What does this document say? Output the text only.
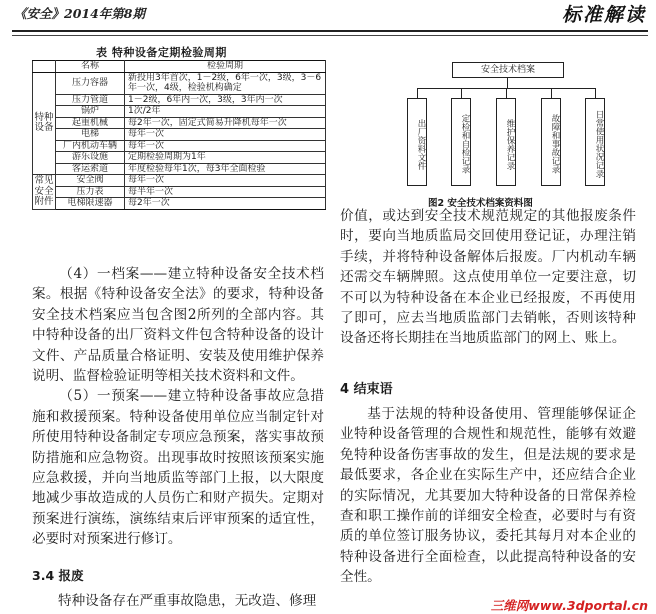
《安全》2014年第8期	标准解读
表 特种设备定期检验周期
	名称	检验周期
特种设备	压力容器	新投用3年首次，1－2级，6年一次，3级，3－6年一次，4级，检验机构确定
	压力管道	1－2级，6年内一次，3级，3年内一次
	锅炉	1次/2年
	起重机械	每2年一次，固定式简易升降机每年一次
	电梯	每年一次
	厂内机动车辆	每年一次
	游乐设施	定期检验周期为1年
	客运索道	年度检验每年1次，每3年全面检验
常见安全附件	安全阀	每年一次
	压力表	每半年一次
	电梯限速器	每2年一次

（4）一档案——建立特种设备安全技术档案。根据《特种设备安全法》的要求，特种设备安全技术档案应当包含图2所列的全部内容。其中特种设备的出厂资料文件包含特种设备的设计文件、产品质量合格证明、安装及使用维护保养说明、监督检验证明等相关技术资料和文件。

（5）一预案——建立特种设备事故应急措施和救援预案。特种设备使用单位应当制定针对所使用特种设备制定专项应急预案，落实事故预防措施和应急物资。出现事故时按照该预案实施应急救援，并向当地质监等部门上报，以大限度地减少事故造成的人员伤亡和财产损失。定期对预案进行演练，演练结束后评审预案的适宜性，必要时对预案进行修订。

3.4 报废
特种设备存在严重事故隐患，无改造、修理
安全技术档案
出厂资料文件	定检和自检记录	维护保养记录	故障和事故记录	日常使用状况记录
图2 安全技术档案资料图

价值，或达到安全技术规范规定的其他报废条件时，要向当地质监局交回使用登记证，办理注销手续，并将特种设备解体后报废。厂内机动车辆还需交车辆牌照。这点使用单位一定要注意，切不可以为特种设备在本企业已经报废，不再使用了即可，应去当地质监部门去销帐，否则该特种设备还将长期挂在当地质监部门的网上、账上。

4 结束语

基于法规的特种设备使用、管理能够保证企业特种设备管理的合规性和规范性，能够有效避免特种设备伤害事故的发生，但是法规的要求是最低要求，各企业在实际生产中，还应结合企业的实际情况，尤其要加大特种设备的日常保养检查和职工操作前的详细安全检查，必要时与有资质的单位签订服务协议，委托其每月对本企业的特种设备进行全面检查，以此提高特种设备的安全性。

三维网www.3dportal.cn
